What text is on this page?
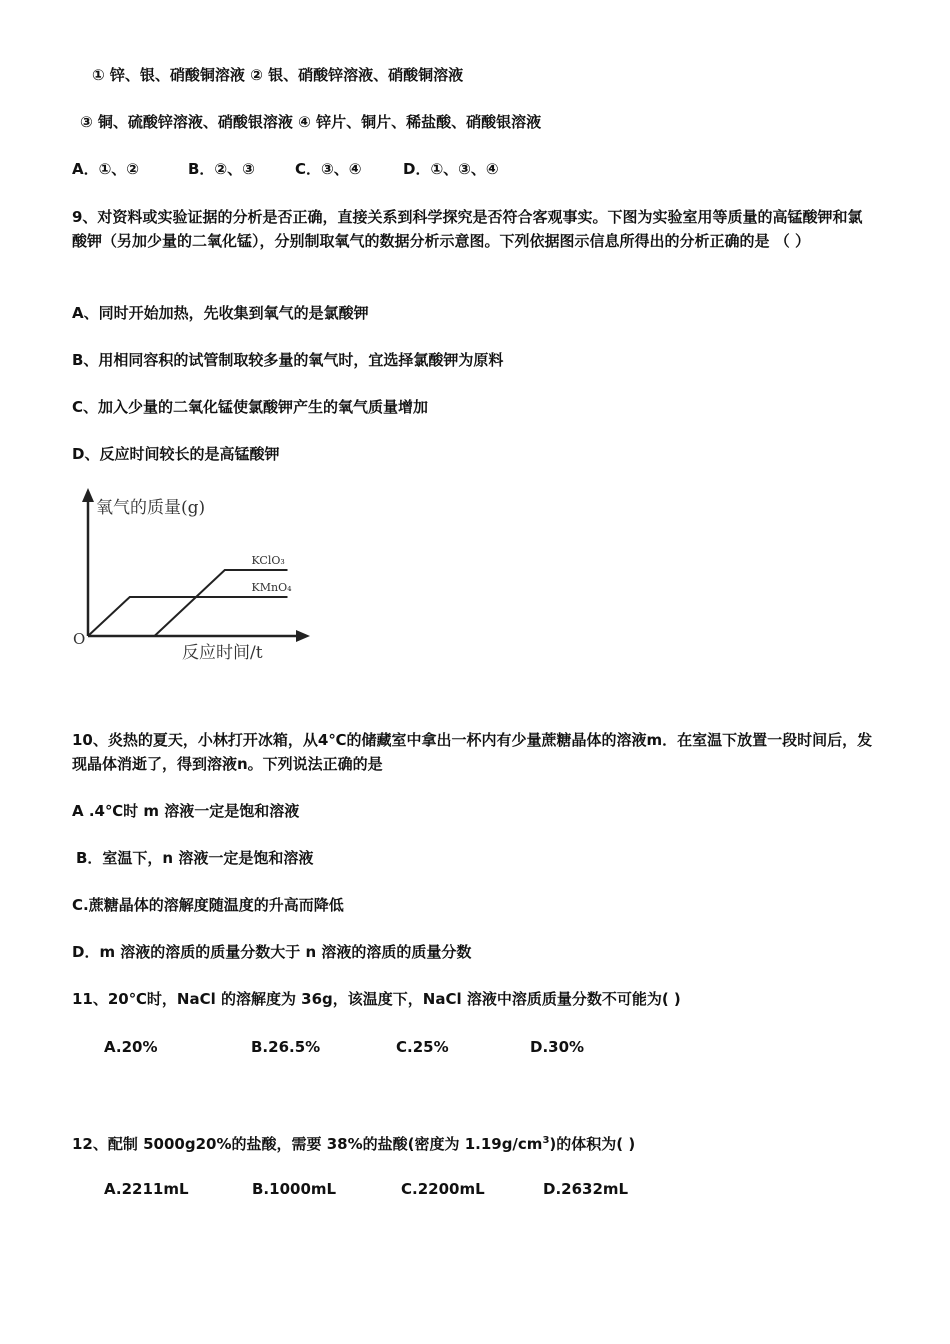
① 锌、银、硝酸铜溶液 ② 银、硝酸锌溶液、硝酸铜溶液
③ 铜、硫酸锌溶液、硝酸银溶液 ④ 锌片、铜片、稀盐酸、硝酸银溶液
A．①、②	B．②、③	C．③、④	D．①、③、④
9、对资料或实验证据的分析是否正确，直接关系到科学探究是否符合客观事实。下图为实验室用等质量的高锰酸钾和氯酸钾（另加少量的二氧化锰），分别制取氧气的数据分析示意图。下列依据图示信息所得出的分析正确的是 （ ）
A、同时开始加热，先收集到氧气的是氯酸钾
B、用相同容积的试管制取较多量的氧气时，宜选择氯酸钾为原料
C、加入少量的二氧化锰使氯酸钾产生的氧气质量增加
D、反应时间较长的是高锰酸钾
氧气的质量(g)
反应时间/t
O
KClO₃
KMnO₄
10、炎热的夏天，小林打开冰箱，从4℃的储藏室中拿出一杯内有少量蔗糖晶体的溶液m．在室温下放置一段时间后，发现晶体消逝了，得到溶液n。下列说法正确的是
A .4℃时 m 溶液一定是饱和溶液
B．室温下，n 溶液一定是饱和溶液
C.蔗糖晶体的溶解度随温度的升高而降低
D．m 溶液的溶质的质量分数大于 n 溶液的溶质的质量分数
11、20℃时，NaCl 的溶解度为 36g，该温度下，NaCl 溶液中溶质质量分数不可能为( )
A.20%	B.26.5%	C.25%	D.30%
12、配制 5000g20%的盐酸，需要 38%的盐酸(密度为 $1.19g/cm^3$)的体积为( )
A.2211mL	B.1000mL	C.2200mL	D.2632mL
